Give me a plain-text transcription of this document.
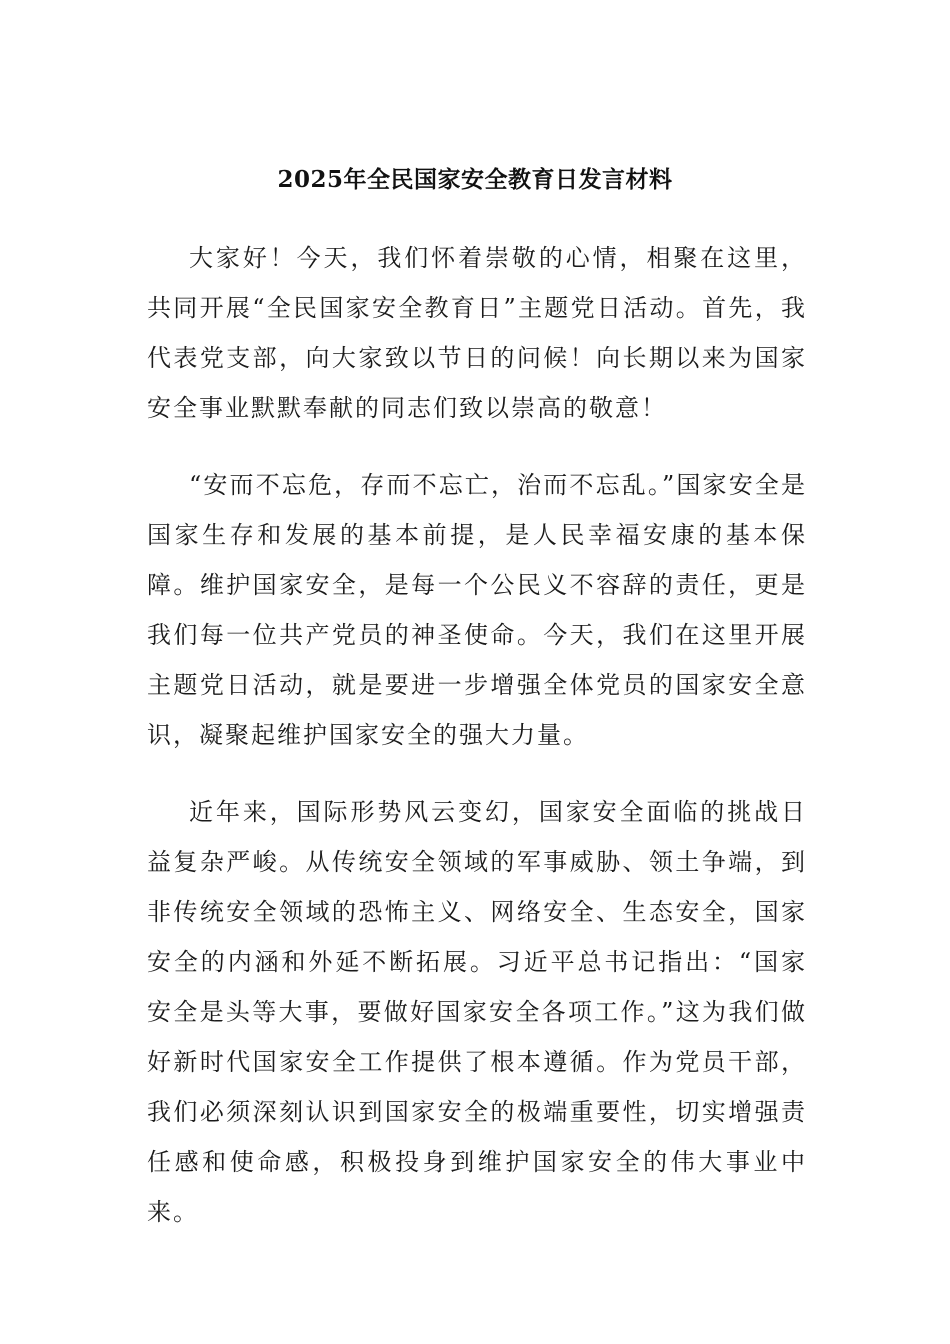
2025年全民国家安全教育日发言材料

大家好！今天，我们怀着崇敬的心情，相聚在这里，共同开展“全民国家安全教育日”主题党日活动。首先，我代表党支部，向大家致以节日的问候！向长期以来为国家安全事业默默奉献的同志们致以崇高的敬意！

“安而不忘危，存而不忘亡，治而不忘乱。”国家安全是国家生存和发展的基本前提，是人民幸福安康的基本保障。维护国家安全，是每一个公民义不容辞的责任，更是我们每一位共产党员的神圣使命。今天，我们在这里开展主题党日活动，就是要进一步增强全体党员的国家安全意识，凝聚起维护国家安全的强大力量。

近年来，国际形势风云变幻，国家安全面临的挑战日益复杂严峻。从传统安全领域的军事威胁、领土争端，到非传统安全领域的恐怖主义、网络安全、生态安全，国家安全的内涵和外延不断拓展。习近平总书记指出：“国家安全是头等大事，要做好国家安全各项工作。”这为我们做好新时代国家安全工作提供了根本遵循。作为党员干部，我们必须深刻认识到国家安全的极端重要性，切实增强责任感和使命感，积极投身到维护国家安全的伟大事业中来。
